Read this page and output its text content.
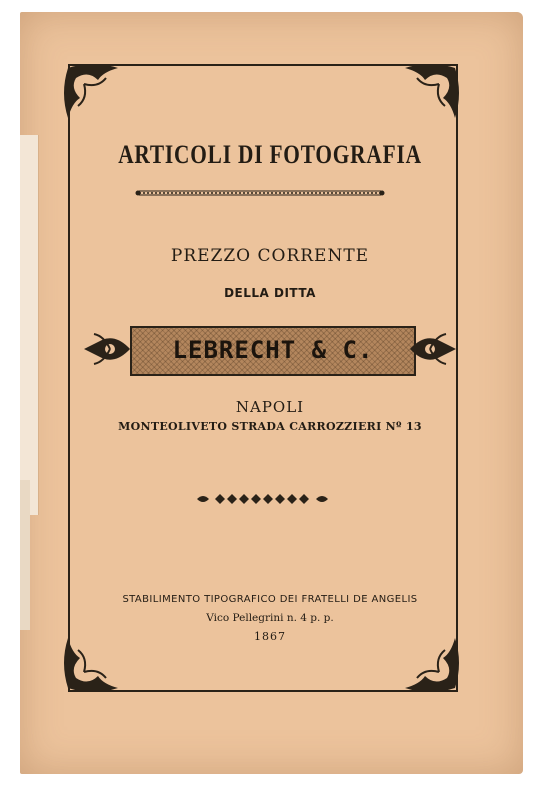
ARTICOLI DI FOTOGRAFIA
PREZZO CORRENTE
DELLA DITTA
LEBRECHT & C.
NAPOLI
MONTEOLIVETO STRADA CARROZZIERI Nº 13
STABILIMENTO TIPOGRAFICO DEI FRATELLI DE ANGELIS
Vico Pellegrini n. 4 p. p.
1867
